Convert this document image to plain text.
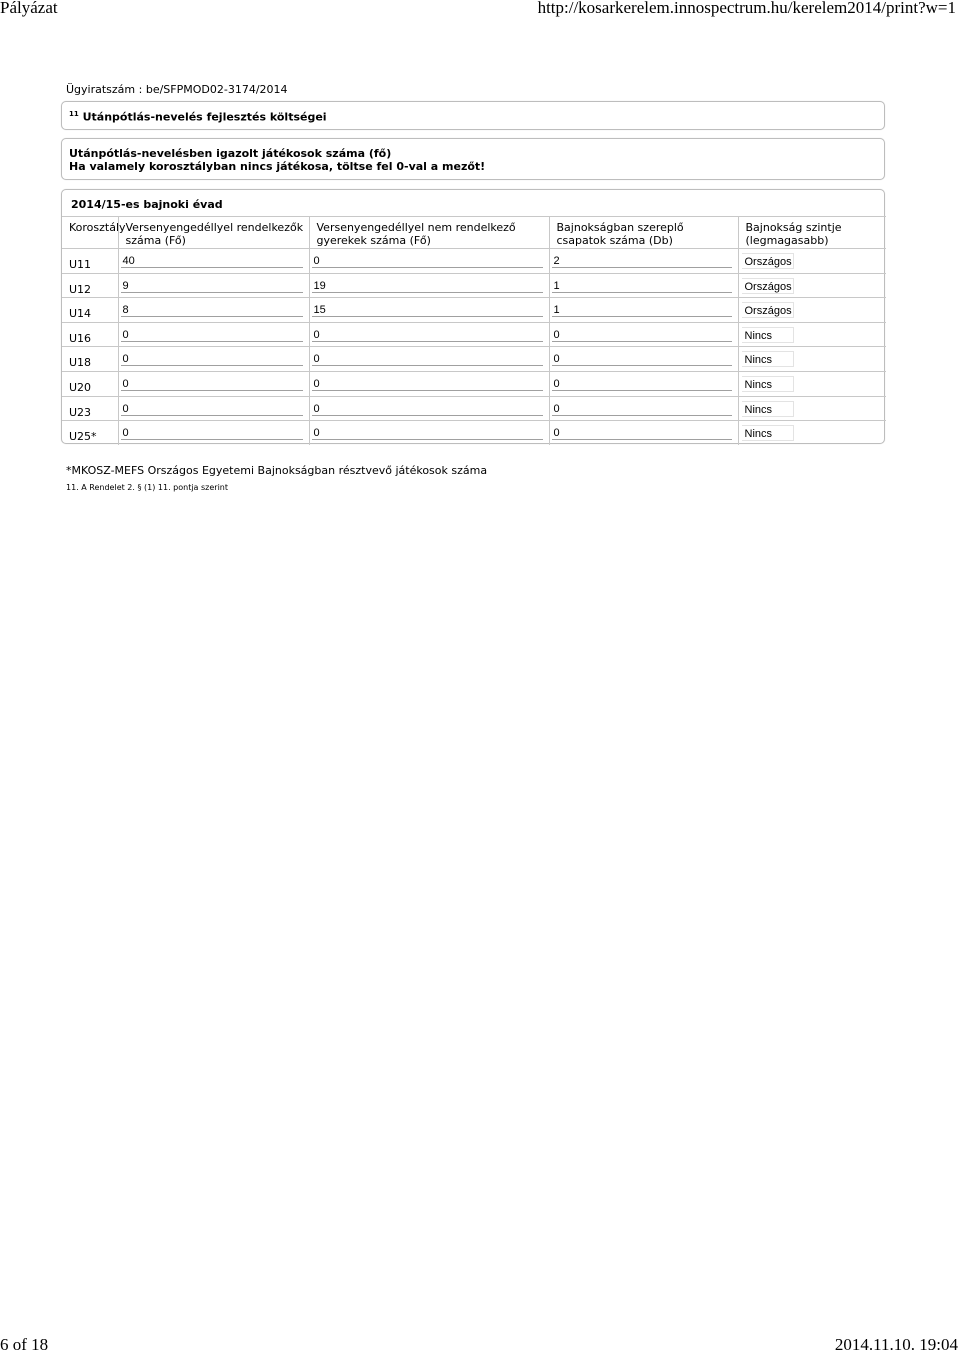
Pályázat	http://kosarkerelem.innospectrum.hu/kerelem2014/print?w=1
Ügyiratszám : be/SFPMOD02-3174/2014
$^{11}$ Utánpótlás-nevelés fejlesztés költségei
Utánpótlás-nevelésben igazolt játékosok száma (fő)
Ha valamely korosztályban nincs játékosa, töltse fel 0-val a mezőt!
2014/15-es bajnoki évad
Korosztály	Versenyengedéllyel rendelkezők száma (Fő)	Versenyengedéllyel nem rendelkező gyerekek száma (Fő)	Bajnokságban szereplő csapatok száma (Db)	Bajnokság szintje (legmagasabb)
U11	40	0	2	Országos

U12	9	19	1	Országos

U14	8	15	1	Országos

U16	0	0	0	Nincs

U18	0	0	0	Nincs

U20	0	0	0	Nincs

U23	0	0	0	Nincs

U25*	0	0	0	Nincs
*MKOSZ-MEFS Országos Egyetemi Bajnokságban résztvevő játékosok száma
11. A Rendelet 2. § (1) 11. pontja szerint
6 of 18	2014.11.10. 19:04
